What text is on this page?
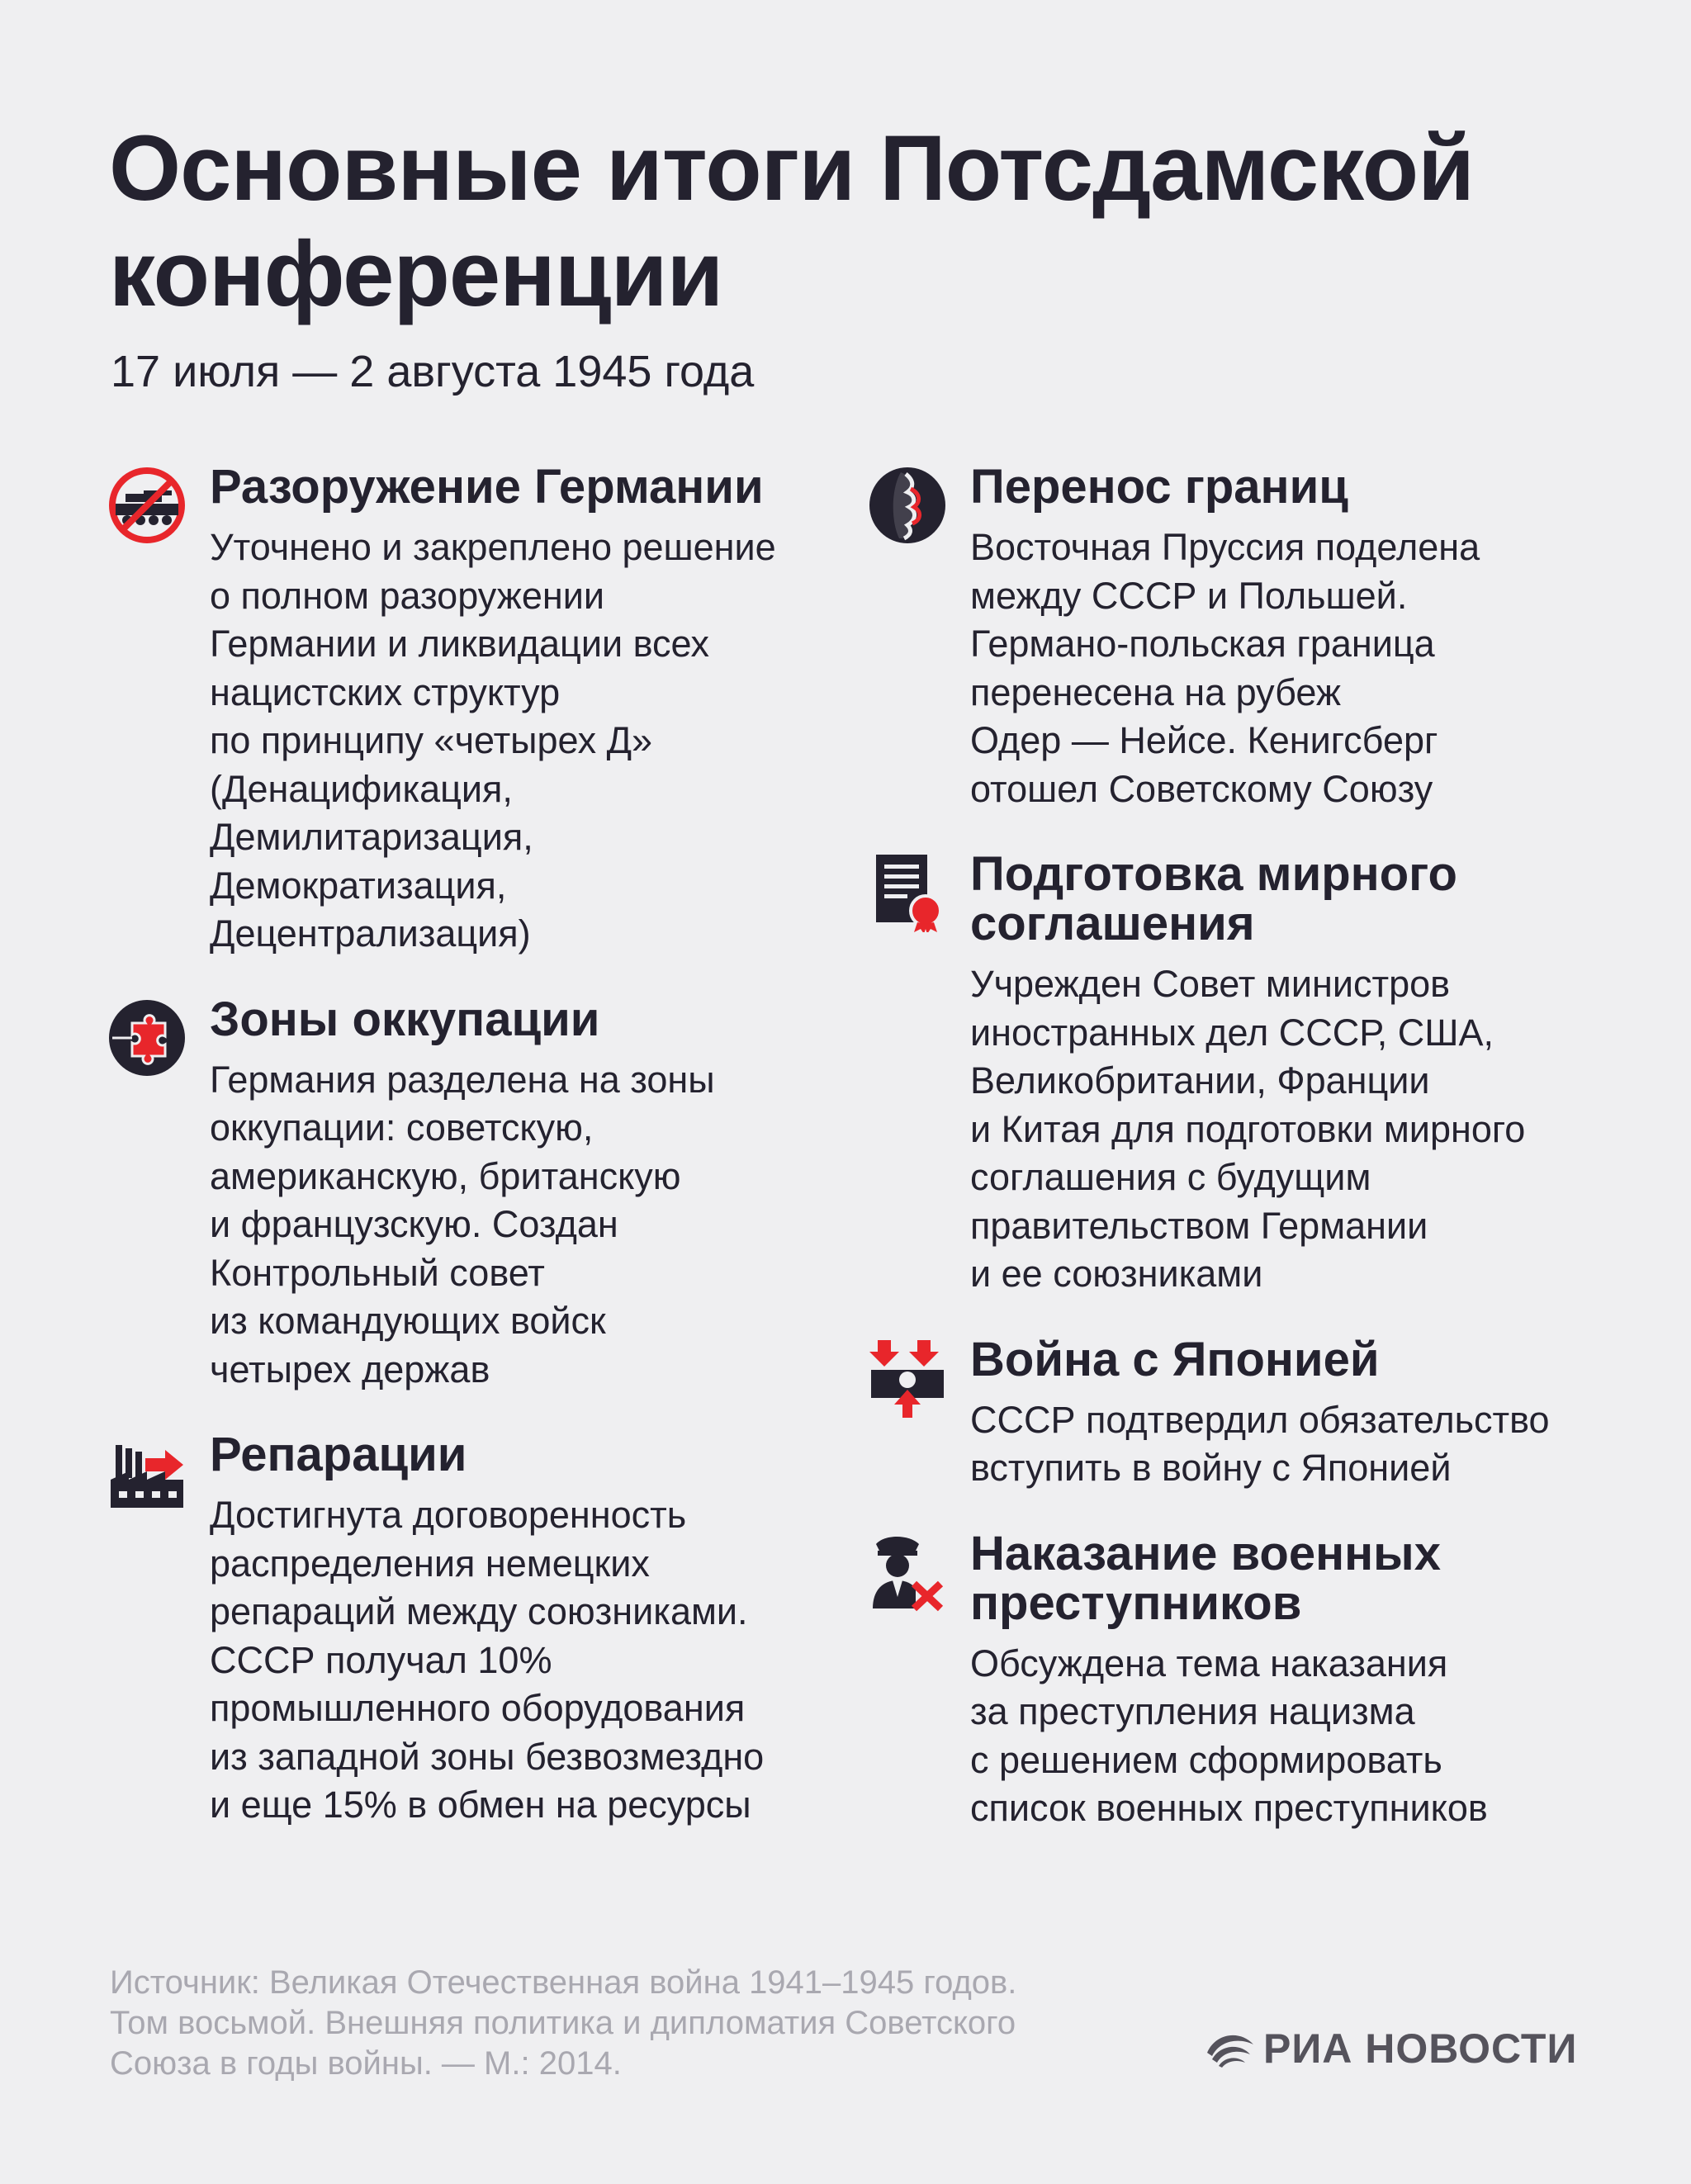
Основные итоги Потсдамской конференции
17 июля — 2 августа 1945 года
Разоружение Германии

Уточнено и закреплено решение
о полном разоружении
Германии и ликвидации всех
нацистских структур
по принципу «четырех Д»
(Денацификация,
Демилитаризация,
Демократизация,
Децентрализация)

Зоны оккупации

Германия разделена на зоны
оккупации: советскую,
американскую, британскую
и французскую. Создан
Контрольный совет
из командующих войск
четырех держав

Репарации

Достигнута договоренность
распределения немецких
репараций между союзниками.
СССР получал 10%
промышленного оборудования
из западной зоны безвозмездно
и еще 15% в обмен на ресурсы

Перенос границ

Восточная Пруссия поделена
между СССР и Польшей.
Германо-польская граница
перенесена на рубеж
Одер — Нейсе. Кенигсберг
отошел Советскому Союзу

Подготовка мирного соглашения

Учрежден Совет министров
иностранных дел СССР, США,
Великобритании, Франции
и Китая для подготовки мирного
соглашения с будущим
правительством Германии
и ее союзниками

Война с Японией

СССР подтвердил обязательство
вступить в войну с Японией

Наказание военных преступников

Обсуждена тема наказания
за преступления нацизма
с решением сформировать
список военных преступников

Источник: Великая Отечественная война 1941–1945 годов.
Том восьмой. Внешняя политика и дипломатия Советского
Союза в годы войны. — М.: 2014.	РИА НОВОСТИ
